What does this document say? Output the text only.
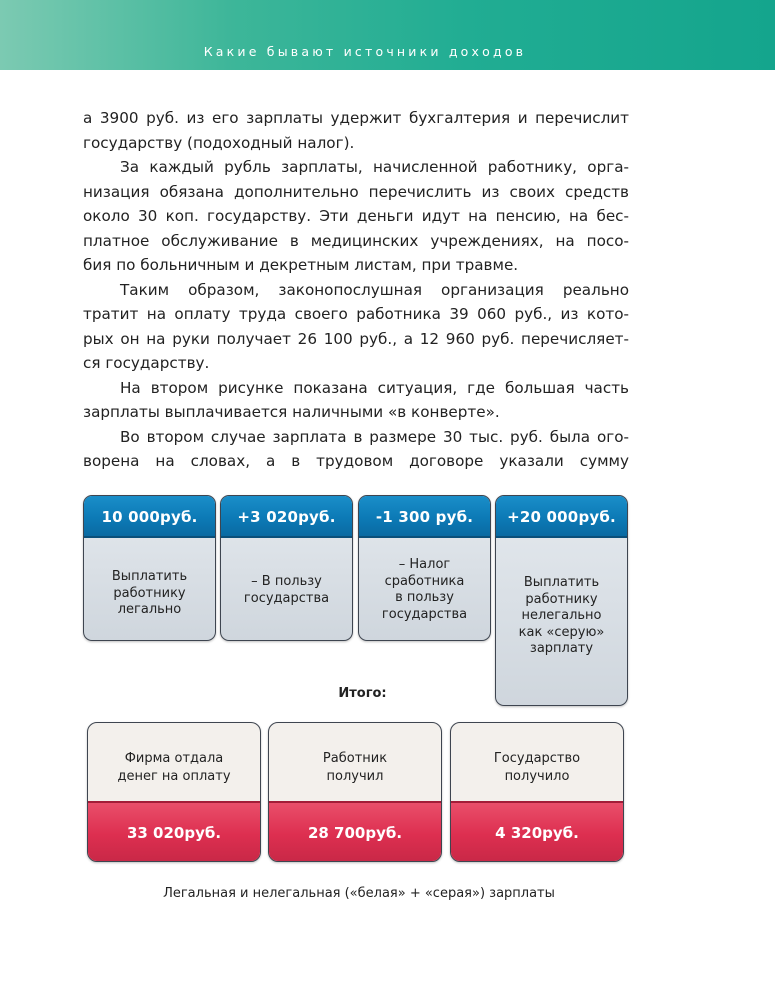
Какие бывают источники доходов
а 3900 руб. из его зарплаты удержит бухгалтерия и перечислит
государству (подоходный налог).
За каждый рубль зарплаты, начисленной работнику, орга-
низация обязана дополнительно перечислить из своих средств
около 30 коп. государству. Эти деньги идут на пенсию, на бес-
платное обслуживание в медицинских учреждениях, на посо-
бия по больничным и декретным листам, при травме.
Таким образом, законопослушная организация реально
тратит на оплату труда своего работника 39 060 руб., из кото-
рых он на руки получает 26 100 руб., а 12 960 руб. перечисляет-
ся государству.
На втором рисунке показана ситуация, где большая часть
зарплаты выплачивается наличными «в конверте».
Во втором случае зарплата в размере 30 тыс. руб. была ого-
ворена на словах, а в трудовом договоре указали сумму
10 000руб.
Выплатить
работнику
легально
+3 020руб.
– В пользу
государства
-1 300 руб.
– Налог
сработника
в пользу
государства
+20 000руб.
Выплатить
работнику
нелегально
как «серую»
зарплату
Итого:
Фирма отдала
денег на оплату
33 020руб.
Работник
получил
28 700руб.
Государство
получило
4 320руб.
Легальная и нелегальная («белая» + «серая») зарплаты
